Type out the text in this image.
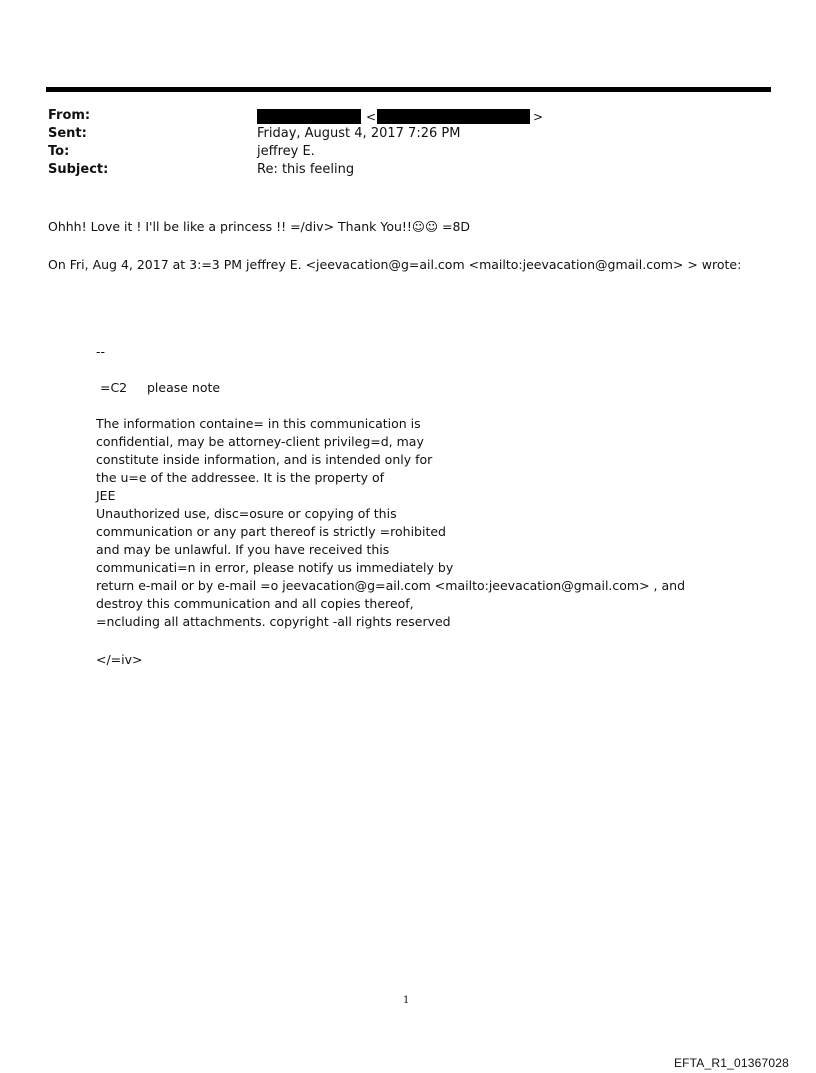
From:	<	>
Sent:	Friday, August 4, 2017 7:26 PM
To:	jeffrey E.
Subject:	Re: this feeling
Ohhh! Love it ! I'll be like a princess !! =/div> Thank You!!☺☺ =8D
On Fri, Aug 4, 2017 at 3:=3 PM jeffrey E. <jeevacation@g=ail.com <mailto:jeevacation@gmail.com> > wrote:
--
=C2     please note
The information containe= in this communication is
confidential, may be attorney-client privileg=d, may
constitute inside information, and is intended only for
the u=e of the addressee. It is the property of
JEE
Unauthorized use, disc=osure or copying of this
communication or any part thereof is strictly =rohibited
and may be unlawful. If you have received this
communicati=n in error, please notify us immediately by
return e-mail or by e-mail =o jeevacation@g=ail.com <mailto:jeevacation@gmail.com> , and
destroy this communication and all copies thereof,
=ncluding all attachments. copyright -all rights reserved
</=iv>
1
EFTA_R1_01367028
